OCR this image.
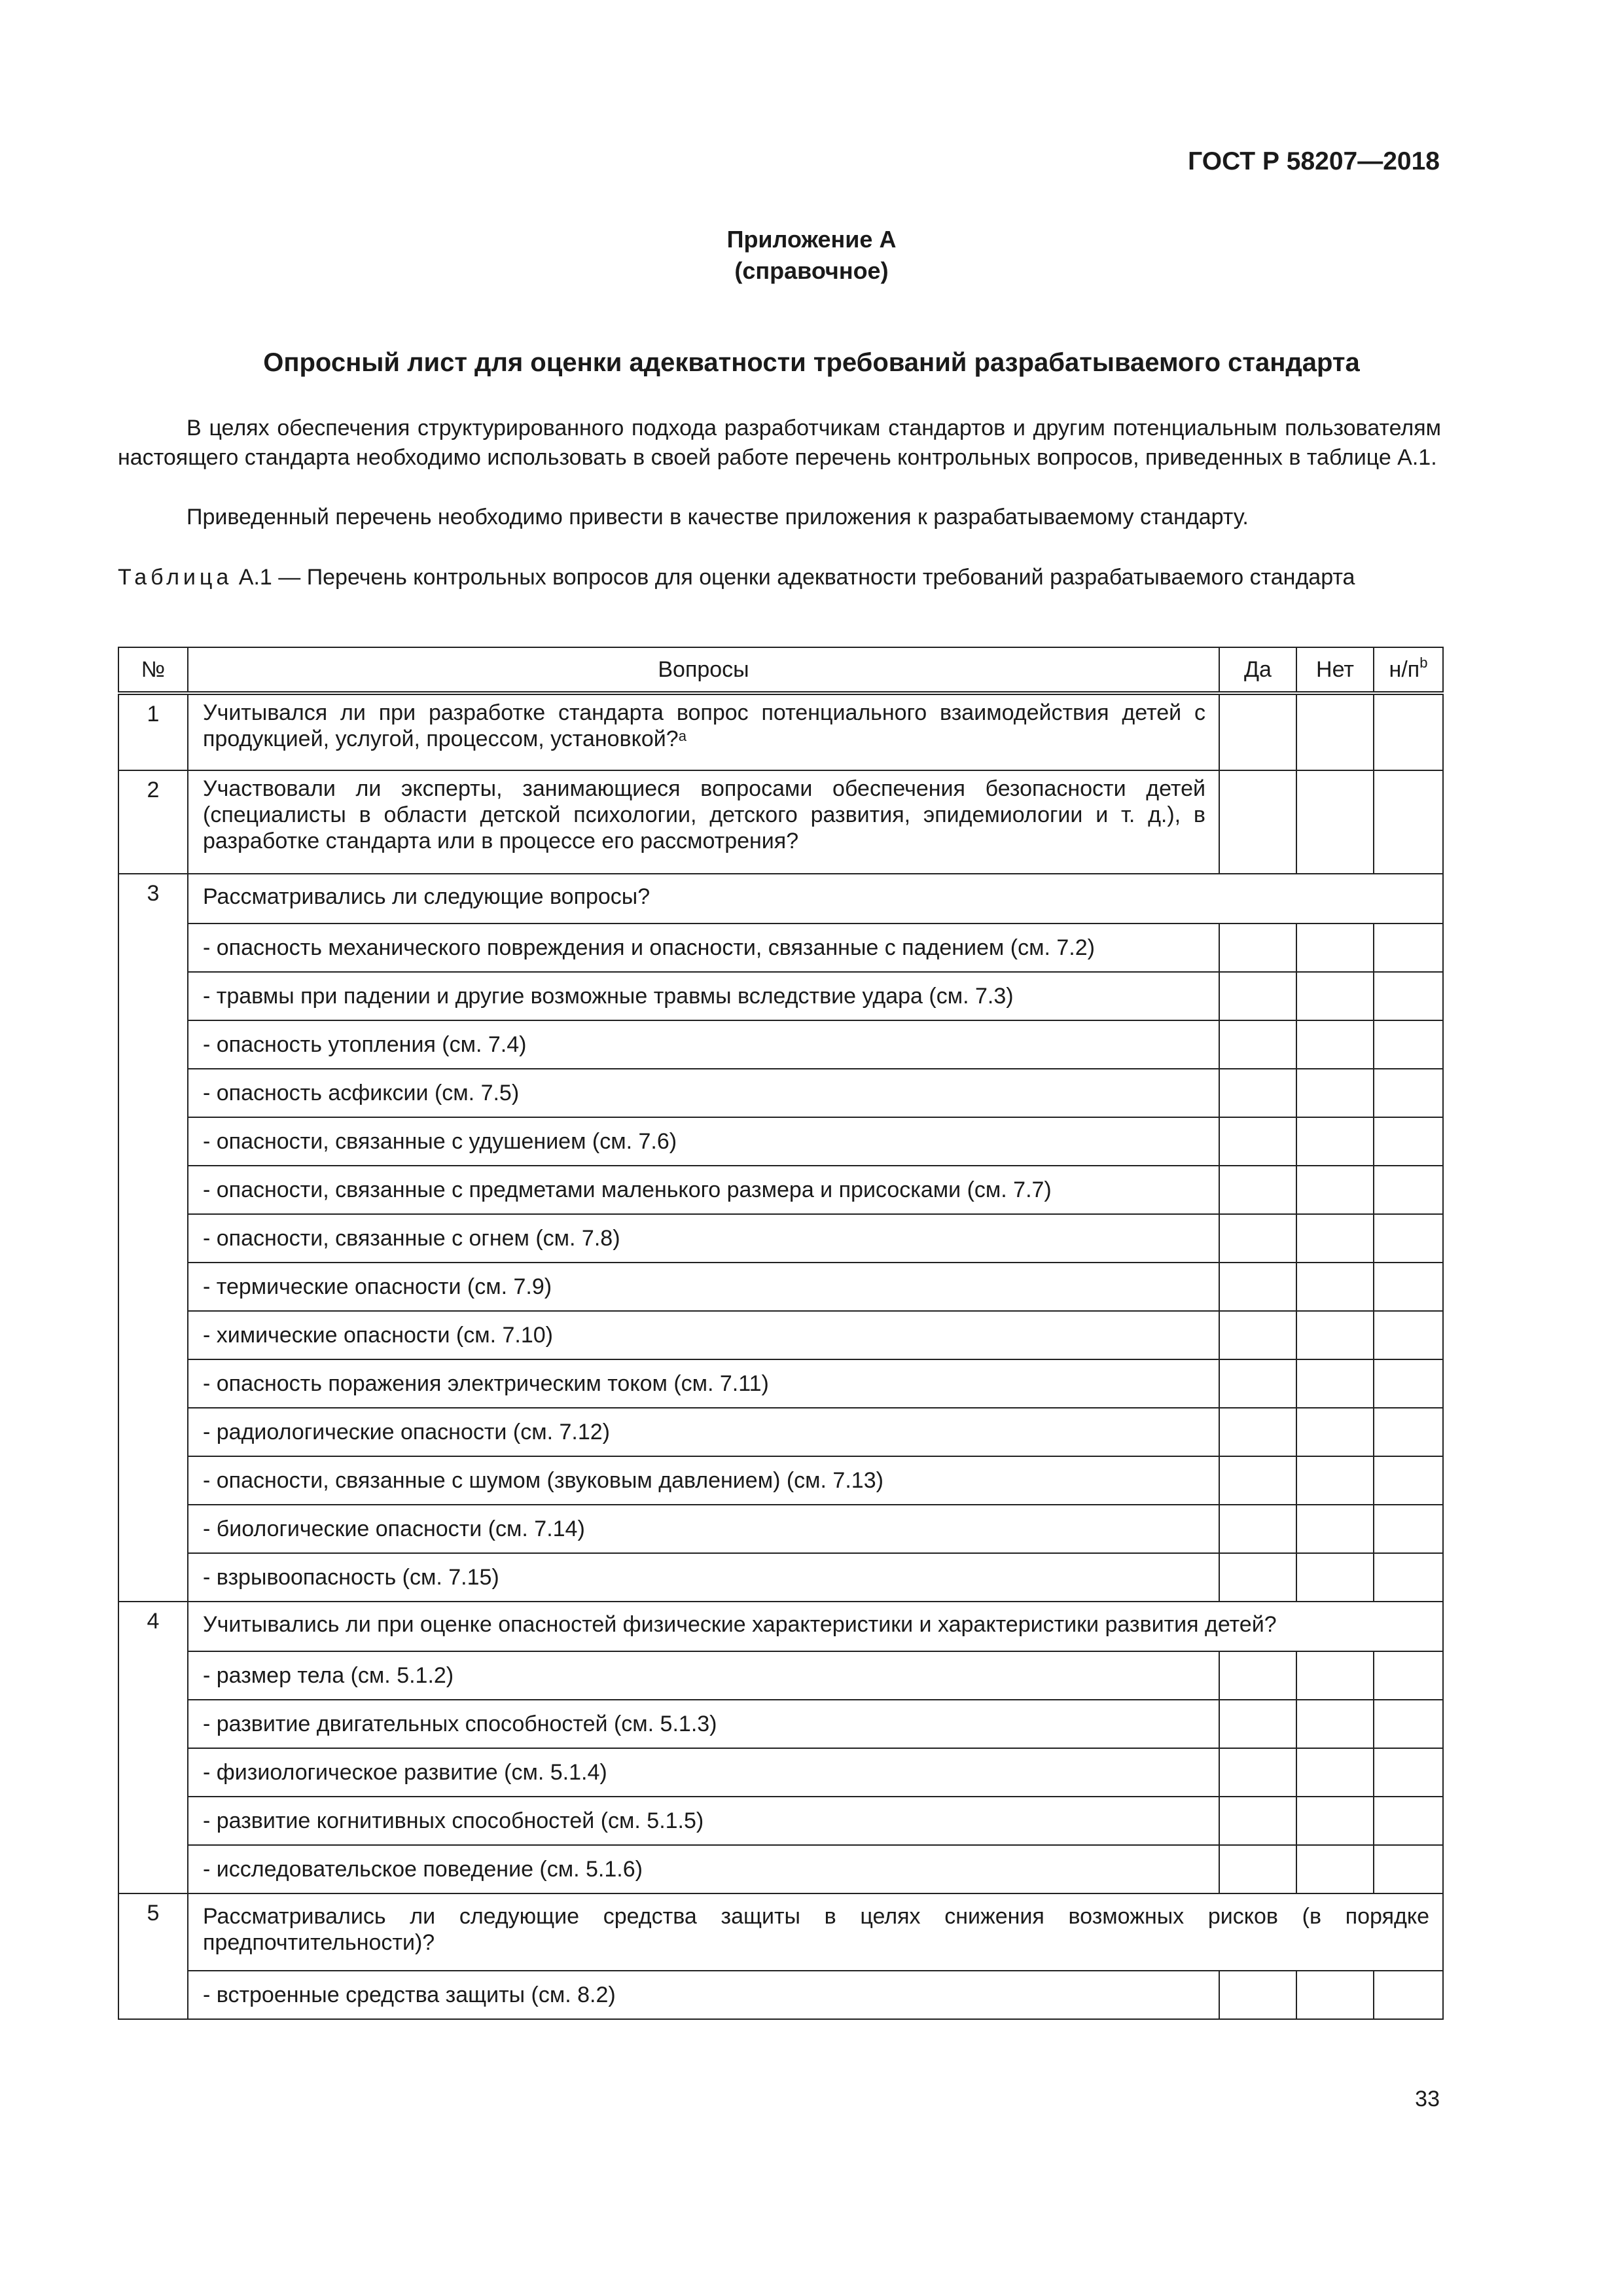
ГОСТ Р 58207—2018
Приложение А
(справочное)
Опросный лист для оценки адекватности требований разрабатываемого стандарта
В целях обеспечения структурированного подхода разработчикам стандартов и другим потенциальным пользователям настоящего стандарта необходимо использовать в своей работе перечень контрольных вопросов, приведенных в таблице А.1.
Приведенный перечень необходимо привести в качестве приложения к разрабатываемому стандарту.
Таблица А.1 — Перечень контрольных вопросов для оценки адекватности требований разрабатываемого стандарта
№	Вопросы	Да	Нет	$н/п^b$
1	Учитывался ли при разработке стандарта вопрос потенциального взаимодействия детей с продукцией, услугой, процессом, установкой?$^a$			
2	Участвовали ли эксперты, занимающиеся вопросами обеспечения безопасности детей (специалисты в области детской психологии, детского развития, эпидемиологии и т. д.), в разработке стандарта или в процессе его рассмотрения?			
3	Рассматривались ли следующие вопросы?			
	- опасность механического повреждения и опасности, связанные с падением (см. 7.2)			
	- травмы при падении и другие возможные травмы вследствие удара (см. 7.3)			
	- опасность утопления (см. 7.4)			
	- опасность асфиксии (см. 7.5)			
	- опасности, связанные с удушением (см. 7.6)			
	- опасности, связанные с предметами маленького размера и присосками (см. 7.7)			
	- опасности, связанные с огнем (см. 7.8)			
	- термические опасности (см. 7.9)			
	- химические опасности (см. 7.10)			
	- опасность поражения электрическим током (см. 7.11)			
	- радиологические опасности (см. 7.12)			
	- опасности, связанные с шумом (звуковым давлением) (см. 7.13)			
	- биологические опасности (см. 7.14)			
	- взрывоопасность (см. 7.15)			
4	Учитывались ли при оценке опасностей физические характеристики и характеристики развития детей?			
	- размер тела (см. 5.1.2)			
	- развитие двигательных способностей (см. 5.1.3)			
	- физиологическое развитие (см. 5.1.4)			
	- развитие когнитивных способностей (см. 5.1.5)			
	- исследовательское поведение (см. 5.1.6)			
5	Рассматривались ли следующие средства защиты в целях снижения возможных рисков (в порядке предпочтительности)?			
	- встроенные средства защиты (см. 8.2)			
33
